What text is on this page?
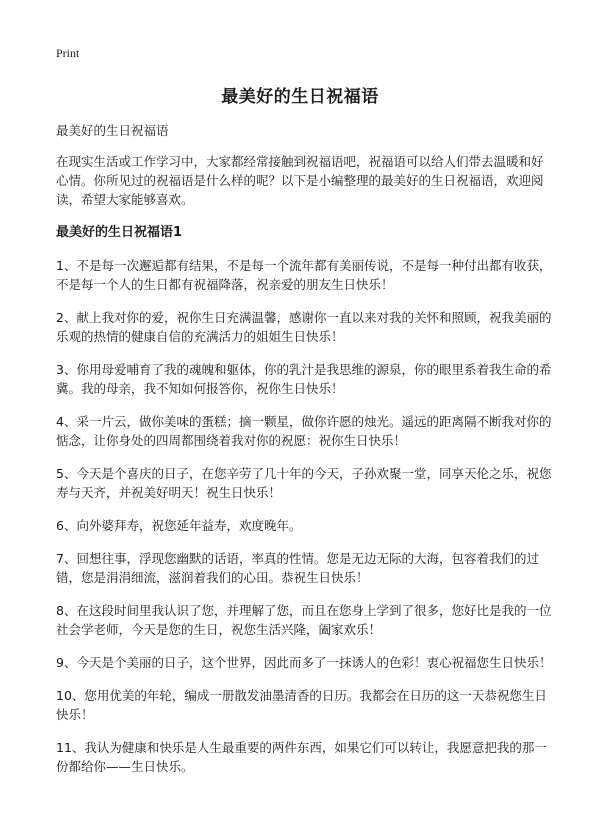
Print
最美好的生日祝福语

最美好的生日祝福语

在现实生活或工作学习中，大家都经常接触到祝福语吧，祝福语可以给人们带去温暖和好心情。你所见过的祝福语是什么样的呢？以下是小编整理的最美好的生日祝福语，欢迎阅读，希望大家能够喜欢。

最美好的生日祝福语1

1、不是每一次邂逅都有结果，不是每一个流年都有美丽传说，不是每一种付出都有收获，不是每一个人的生日都有祝福降落，祝亲爱的朋友生日快乐！

2、献上我对你的爱，祝你生日充满温馨，感谢你一直以来对我的关怀和照顾，祝我美丽的乐观的热情的健康自信的充满活力的姐姐生日快乐！

3、你用母爱哺育了我的魂魄和躯体，你的乳汁是我思维的源泉，你的眼里系着我生命的希冀。我的母亲，我不知如何报答你，祝你生日快乐！

4、采一片云，做你美味的蛋糕；摘一颗星，做你许愿的烛光。遥远的距离隔不断我对你的惦念，让你身处的四周都围绕着我对你的祝愿：祝你生日快乐！

5、今天是个喜庆的日子，在您辛劳了几十年的今天，子孙欢聚一堂，同享天伦之乐，祝您寿与天齐，并祝美好明天！祝生日快乐！

6、向外婆拜寿，祝您延年益寿，欢度晚年。

7、回想往事，浮现您幽默的话语，率真的性情。您是无边无际的大海，包容着我们的过错，您是涓涓细流，滋润着我们的心田。恭祝生日快乐！

8、在这段时间里我认识了您，并理解了您，而且在您身上学到了很多，您好比是我的一位社会学老师，今天是您的生日，祝您生活兴隆，阖家欢乐！

9、今天是个美丽的日子，这个世界，因此而多了一抹诱人的色彩！衷心祝福您生日快乐！

10、您用优美的年轮，编成一册散发油墨清香的日历。我都会在日历的这一天恭祝您生日快乐！

11、我认为健康和快乐是人生最重要的两件东西，如果它们可以转让，我愿意把我的那一份都给你——生日快乐。
